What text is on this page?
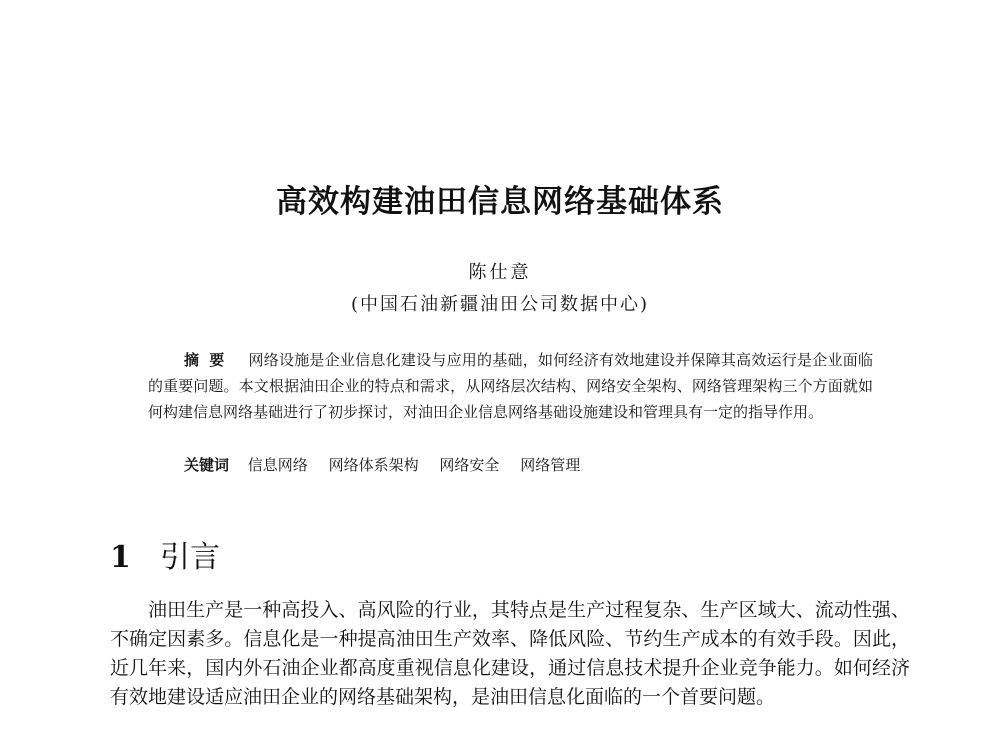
高效构建油田信息网络基础体系
陈仕意
(中国石油新疆油田公司数据中心)
摘要 网络设施是企业信息化建设与应用的基础，如何经济有效地建设并保障其高效运行是企业面临的重要问题。本文根据油田企业的特点和需求，从网络层次结构、网络安全架构、网络管理架构三个方面就如何构建信息网络基础进行了初步探讨，对油田企业信息网络基础设施建设和管理具有一定的指导作用。
关键词 信息网络 网络体系架构 网络安全 网络管理
1 引言
油田生产是一种高投入、高风险的行业，其特点是生产过程复杂、生产区域大、流动性强、不确定因素多。信息化是一种提高油田生产效率、降低风险、节约生产成本的有效手段。因此，近几年来，国内外石油企业都高度重视信息化建设，通过信息技术提升企业竞争能力。如何经济有效地建设适应油田企业的网络基础架构，是油田信息化面临的一个首要问题。
